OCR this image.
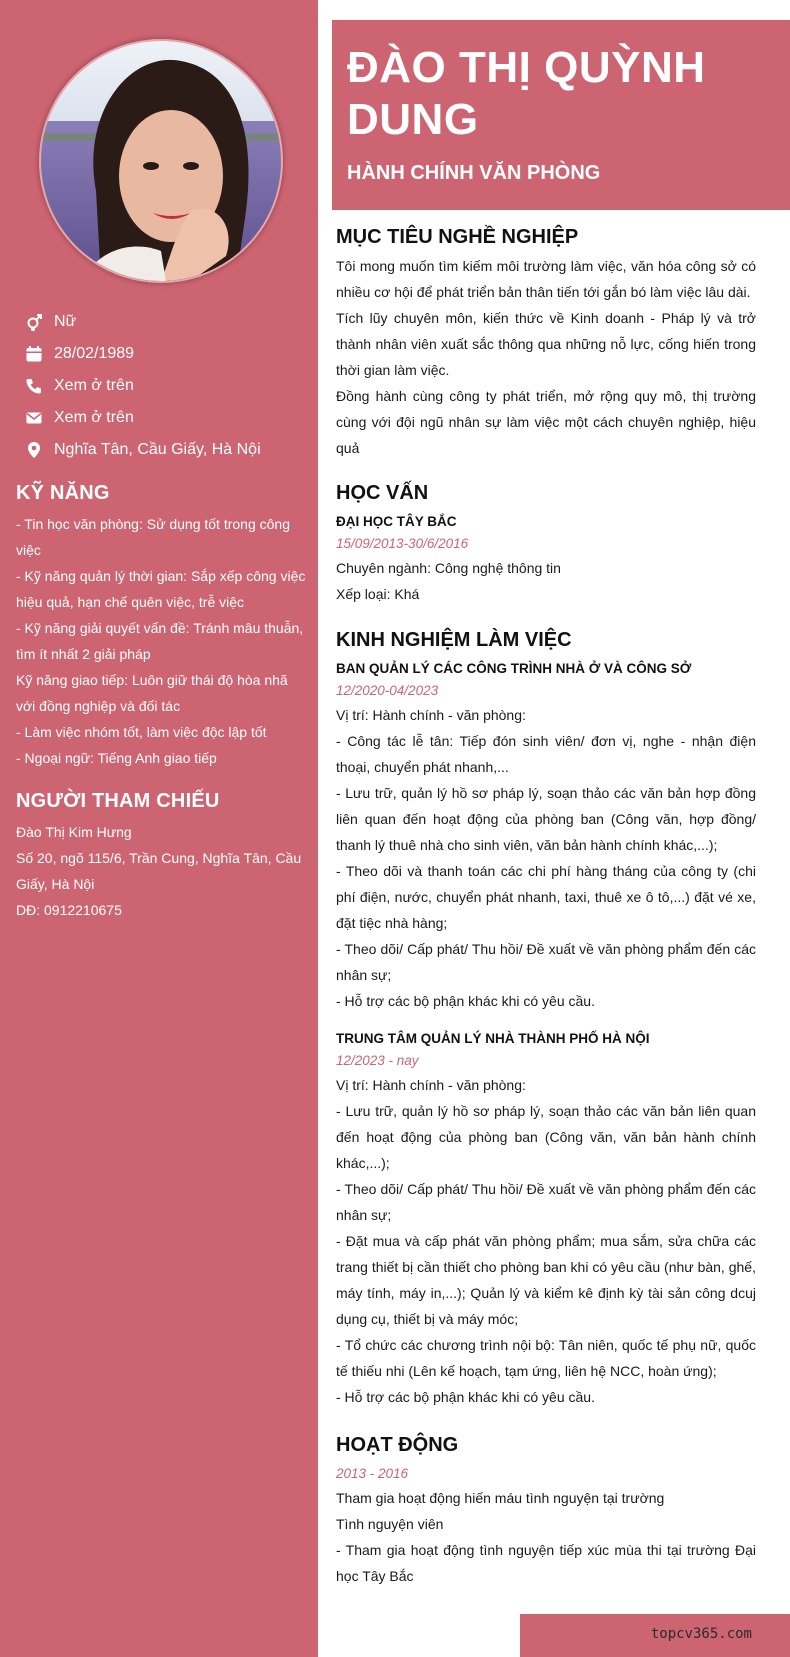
Nữ
28/02/1989
Xem ở trên
Xem ở trên
Nghĩa Tân, Cầu Giấy, Hà Nội
KỸ NĂNG
- Tin học văn phòng: Sử dụng tốt trong công
việc
- Kỹ năng quản lý thời gian: Sắp xếp công việc
hiệu quả, hạn chế quên việc, trễ việc
- Kỹ năng giải quyết vấn đề: Tránh mâu thuẫn,
tìm ít nhất 2 giải pháp
Kỹ năng giao tiếp: Luôn giữ thái độ hòa nhã
với đồng nghiệp và đối tác
- Làm việc nhóm tốt, làm việc độc lập tốt
- Ngoại ngữ: Tiếng Anh giao tiếp
NGƯỜI THAM CHIẾU
Đào Thị Kim Hưng
Số 20, ngõ 115/6, Trần Cung, Nghĩa Tân, Cầu
Giấy, Hà Nội
DĐ: 0912210675
ĐÀO THỊ QUỲNH DUNG
HÀNH CHÍNH VĂN PHÒNG
MỤC TIÊU NGHỀ NGHIỆP
Tôi mong muốn tìm kiếm môi trường làm việc, văn hóa công sở có nhiều cơ hội để phát triển bản thân tiến tới gắn bó làm việc lâu dài.
Tích lũy chuyên môn, kiến thức về Kinh doanh - Pháp lý và trở thành nhân viên xuất sắc thông qua những nỗ lực, cống hiến trong thời gian làm việc.
Đồng hành cùng công ty phát triển, mở rộng quy mô, thị trường cùng với đội ngũ nhân sự làm việc một cách chuyên nghiệp, hiệu quả
HỌC VẤN
ĐẠI HỌC TÂY BẮC
15/09/2013-30/6/2016
Chuyên ngành: Công nghệ thông tin
Xếp loại: Khá
KINH NGHIỆM LÀM VIỆC
BAN QUẢN LÝ CÁC CÔNG TRÌNH NHÀ Ở VÀ CÔNG SỞ
12/2020-04/2023
Vị trí: Hành chính - văn phòng:
- Công tác lễ tân: Tiếp đón sinh viên/ đơn vị, nghe - nhận điện thoại, chuyển phát nhanh,...
- Lưu trữ, quản lý hồ sơ pháp lý, soạn thảo các văn bản hợp đồng liên quan đến hoạt động của phòng ban (Công văn, hợp đồng/ thanh lý thuê nhà cho sinh viên, văn bản hành chính khác,...);
- Theo dõi và thanh toán các chi phí hàng tháng của công ty (chi phí điện, nước, chuyển phát nhanh, taxi, thuê xe ô tô,...) đặt vé xe, đặt tiệc nhà hàng;
- Theo dõi/ Cấp phát/ Thu hồi/ Đề xuất về văn phòng phẩm đến các nhân sự;
- Hỗ trợ các bộ phận khác khi có yêu cầu.
TRUNG TÂM QUẢN LÝ NHÀ THÀNH PHỐ HÀ NỘI
12/2023 - nay
Vị trí: Hành chính - văn phòng:
- Lưu trữ, quản lý hồ sơ pháp lý, soạn thảo các văn bản liên quan đến hoạt động của phòng ban (Công văn, văn bản hành chính khác,...);
- Theo dõi/ Cấp phát/ Thu hồi/ Đề xuất về văn phòng phẩm đến các nhân sự;
- Đặt mua và cấp phát văn phòng phẩm; mua sắm, sửa chữa các trang thiết bị cần thiết cho phòng ban khi có yêu cầu (như bàn, ghế, máy tính, máy in,...); Quản lý và kiểm kê định kỳ tài sản công dcuj dụng cụ, thiết bị và máy móc;
- Tổ chức các chương trình nội bộ: Tân niên, quốc tế phụ nữ, quốc tế thiếu nhi (Lên kế hoạch, tạm ứng, liên hệ NCC, hoàn ứng);
- Hỗ trợ các bộ phận khác khi có yêu cầu.
HOẠT ĐỘNG
2013 - 2016
Tham gia hoạt động hiến máu tình nguyện tại trường
Tình nguyện viên
- Tham gia hoạt động tình nguyện tiếp xúc mùa thi tại trường Đại học Tây Bắc
topcv365.com
